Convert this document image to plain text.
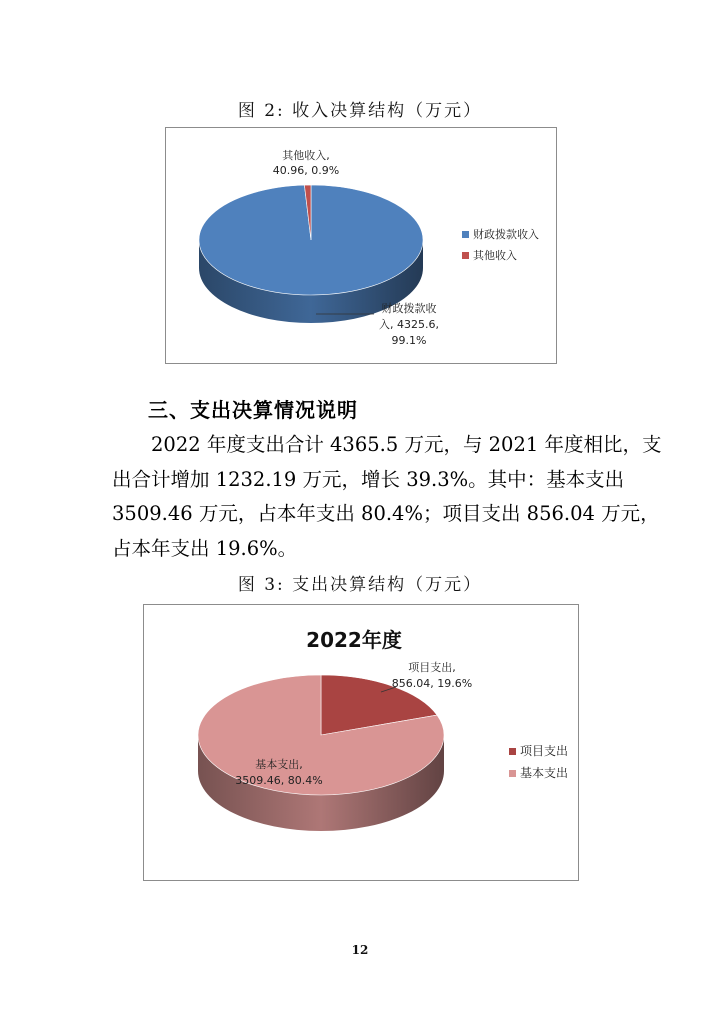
图 2: 收入决算结构（万元）
财政拨款收
入, 4325.6,
99.1%
其他收入,
40.96, 0.9%
财政拨款收入
其他收入
三、支出决算情况说明
　　2022 年度支出合计 4365.5 万元，与 2021 年度相比，支
出合计增加 1232.19 万元，增长 39.3%。其中：基本支出
3509.46 万元，占本年支出 80.4%；项目支出 856.04 万元，
占本年支出 19.6%。
图 3: 支出决算结构（万元）
项目支出,
856.04, 19.6%
基本支出,
3509.46, 80.4%
项目支出
基本支出
2022年度
12
